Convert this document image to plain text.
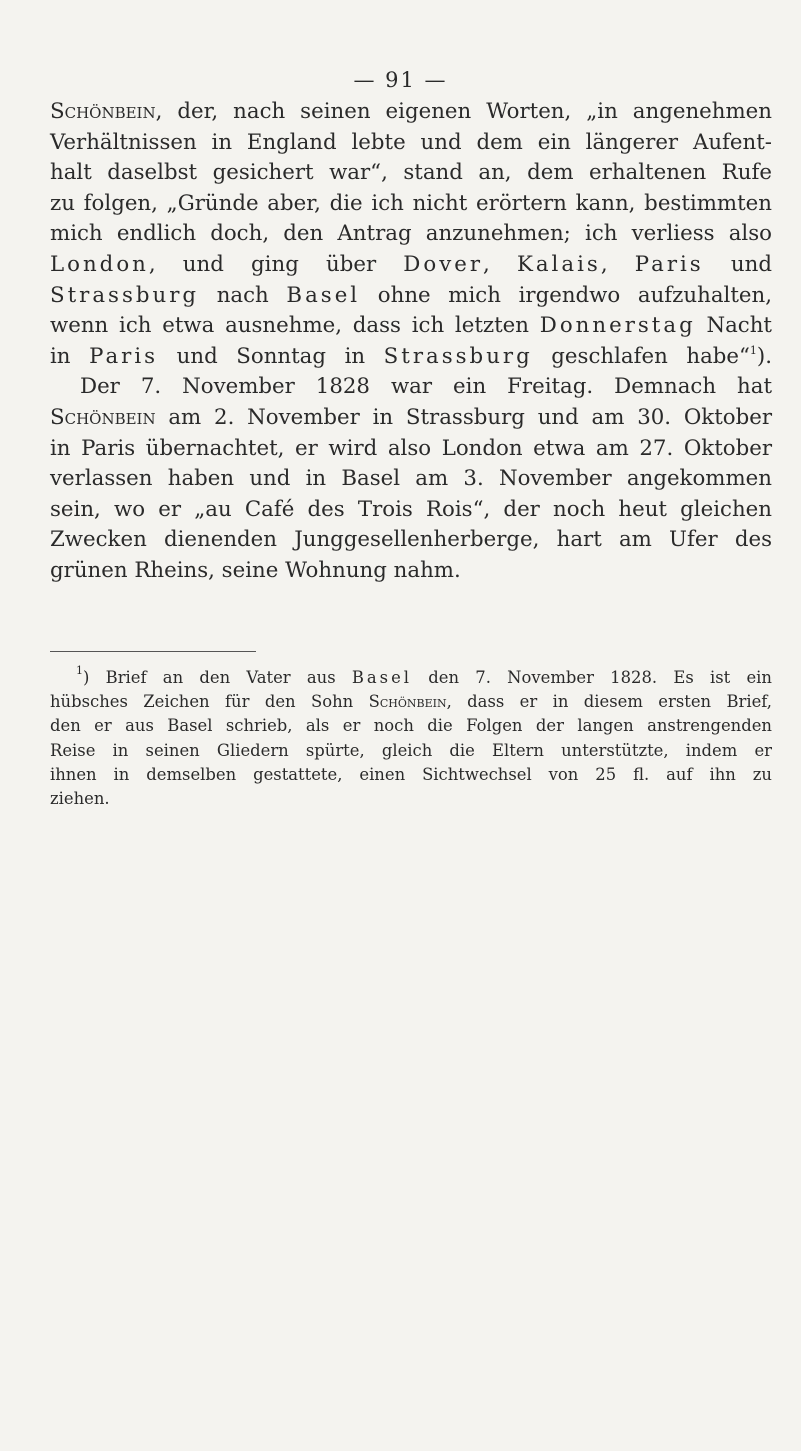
— 91 —
Schönbein, der, nach seinen eigenen Worten, „in angenehmen
Verhältnissen in England lebte und dem ein längerer Aufent-
halt daselbst gesichert war“, stand an, dem erhaltenen Rufe
zu folgen, „Gründe aber, die ich nicht erörtern kann, bestimmten
mich endlich doch, den Antrag anzunehmen; ich verliess also
London, und ging über Dover, Kalais, Paris und
Strassburg nach Basel ohne mich irgendwo aufzuhalten,
wenn ich etwa ausnehme, dass ich letzten Donnerstag Nacht
in Paris und Sonntag in Strassburg geschlafen habe“$^1$).
Der 7. November 1828 war ein Freitag. Demnach hat
Schönbein am 2. November in Strassburg und am 30. Oktober
in Paris übernachtet, er wird also London etwa am 27. Oktober
verlassen haben und in Basel am 3. November angekommen
sein, wo er „au Café des Trois Rois“, der noch heut gleichen
Zwecken dienenden Junggesellenherberge, hart am Ufer des
grünen Rheins, seine Wohnung nahm.
$^1$) Brief an den Vater aus Basel den 7. November 1828. Es ist ein
hübsches Zeichen für den Sohn Schönbein, dass er in diesem ersten Brief,
den er aus Basel schrieb, als er noch die Folgen der langen anstrengenden
Reise in seinen Gliedern spürte, gleich die Eltern unterstützte, indem er
ihnen in demselben gestattete, einen Sichtwechsel von 25 fl. auf ihn zu
ziehen.
